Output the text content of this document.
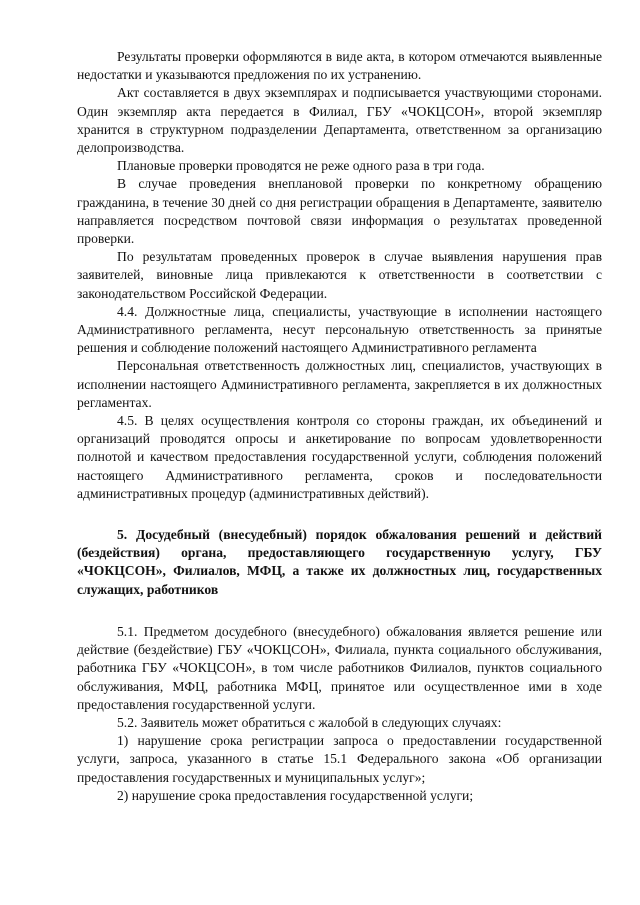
Результаты проверки оформляются в виде акта, в котором отмечаются выявленные недостатки и указываются предложения по их устранению.

Акт составляется в двух экземплярах и подписывается участвующими сторонами. Один экземпляр акта передается в Филиал, ГБУ «ЧОКЦСОН», второй экземпляр хранится в структурном подразделении Департамента, ответственном за организацию делопроизводства.

Плановые проверки проводятся не реже одного раза в три года.

В случае проведения внеплановой проверки по конкретному обращению гражданина, в течение 30 дней со дня регистрации обращения в Департаменте, заявителю направляется посредством почтовой связи информация о результатах проведенной проверки.

По результатам проведенных проверок в случае выявления нарушения прав заявителей, виновные лица привлекаются к ответственности в соответствии с законодательством Российской Федерации.

4.4. Должностные лица, специалисты, участвующие в исполнении настоящего Административного регламента, несут персональную ответственность за принятые решения и соблюдение положений настоящего Административного регламента

Персональная ответственность должностных лиц, специалистов, участвующих в исполнении настоящего Административного регламента, закрепляется в их должностных регламентах.

4.5. В целях осуществления контроля со стороны граждан, их объединений и организаций проводятся опросы и анкетирование по вопросам удовлетворенности полнотой и качеством предоставления государственной услуги, соблюдения положений настоящего Административного регламента, сроков и последовательности административных процедур (административных действий).

5. Досудебный (внесудебный) порядок обжалования решений и действий (бездействия) органа, предоставляющего государственную услугу, ГБУ «ЧОКЦСОН», Филиалов, МФЦ, а также их должностных лиц, государственных служащих, работников

5.1. Предметом досудебного (внесудебного) обжалования является решение или действие (бездействие) ГБУ «ЧОКЦСОН», Филиала, пункта социального обслуживания, работника ГБУ «ЧОКЦСОН», в том числе работников Филиалов, пунктов социального обслуживания, МФЦ, работника МФЦ, принятое или осуществленное ими в ходе предоставления государственной услуги.

5.2. Заявитель может обратиться с жалобой в следующих случаях:

1) нарушение срока регистрации запроса о предоставлении государственной услуги, запроса, указанного в статье 15.1 Федерального закона «Об организации предоставления государственных и муниципальных услуг»;

2) нарушение срока предоставления государственной услуги;
